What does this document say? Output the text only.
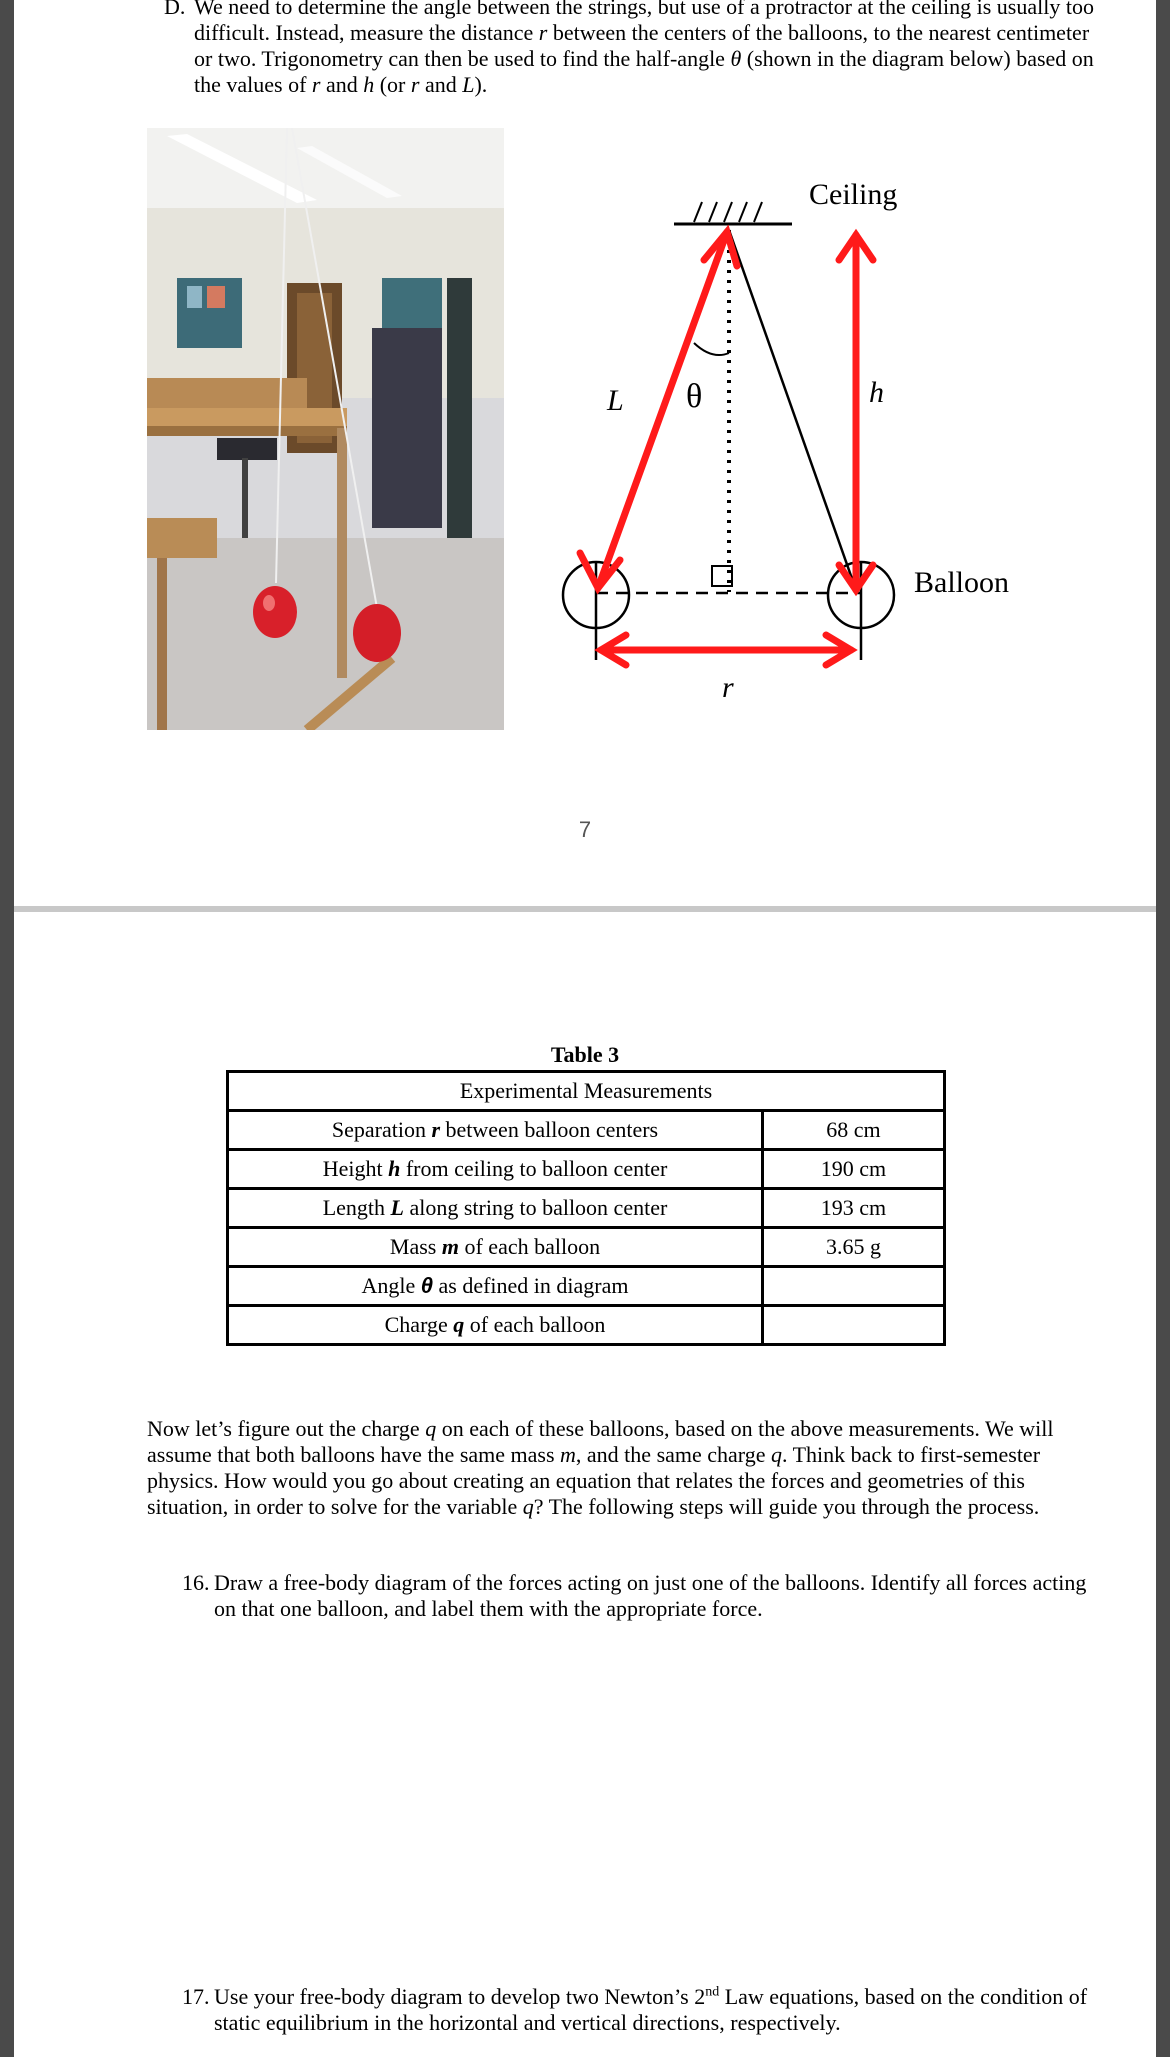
D. We need to determine the angle between the strings, but use of a protractor at the ceiling is usually too difficult. Instead, measure the distance r between the centers of the balloons, to the nearest centimeter or two. Trigonometry can then be used to find the half-angle θ (shown in the diagram below) based on the values of r and h (or r and L).
Ceiling
θ
L	h
Balloon
r
7
Table 3
Experimental Measurements	
Separation r between balloon centers	68 cm
Height h from ceiling to balloon center	190 cm
Length L along string to balloon center	193 cm
Mass m of each balloon	3.65 g
Angle θ as defined in diagram	
Charge q of each balloon	
Now let’s figure out the charge q on each of these balloons, based on the above measurements. We will assume that both balloons have the same mass m, and the same charge q. Think back to first-semester physics. How would you go about creating an equation that relates the forces and geometries of this situation, in order to solve for the variable q? The following steps will guide you through the process.
16. Draw a free-body diagram of the forces acting on just one of the balloons. Identify all forces acting on that one balloon, and label them with the appropriate force.
17. Use your free-body diagram to develop two Newton’s 2nd Law equations, based on the condition of static equilibrium in the horizontal and vertical directions, respectively.
